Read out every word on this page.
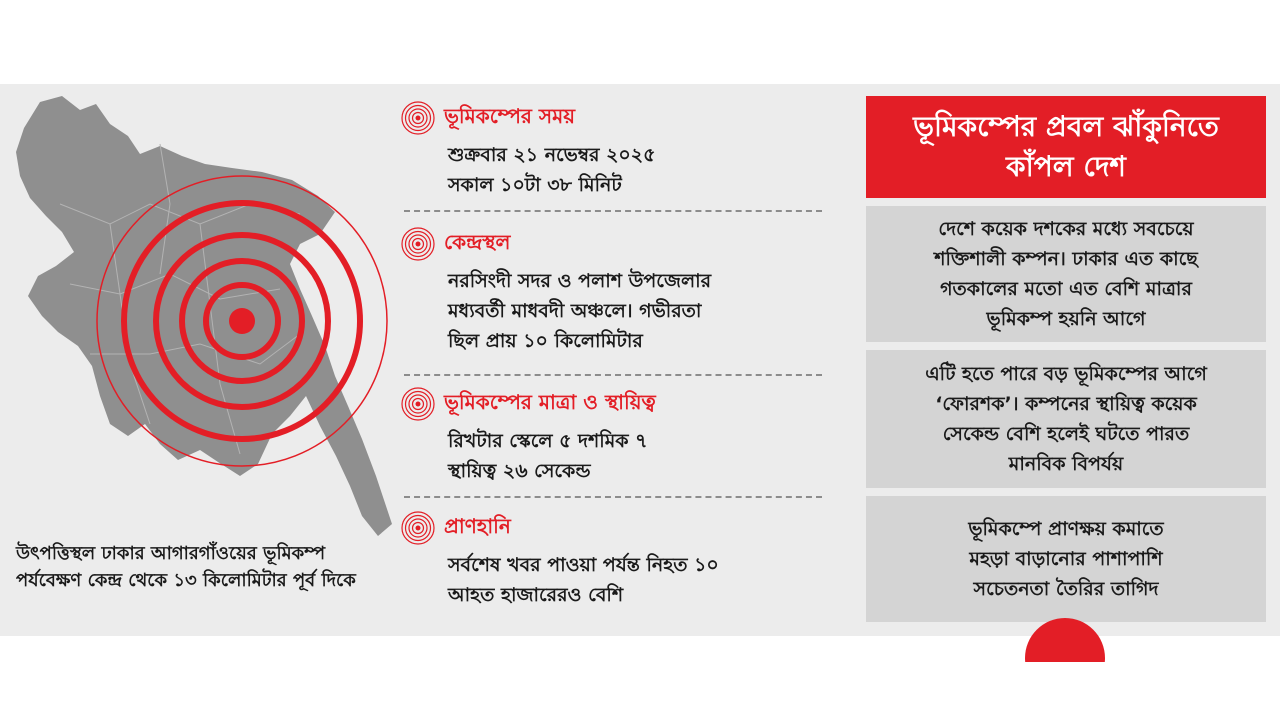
উৎপত্তিস্থল ঢাকার আগারগাঁওয়ের ভূমিকম্প পর্যবেক্ষণ কেন্দ্র থেকে ১৩ কিলোমিটার পূর্ব দিকে
ভূমিকম্পের সময়
শুক্রবার ২১ নভেম্বর ২০২৫
সকাল ১০টা ৩৮ মিনিট
কেন্দ্রস্থল
নরসিংদী সদর ও পলাশ উপজেলার
মধ্যবর্তী মাধবদী অঞ্চলে। গভীরতা
ছিল প্রায় ১০ কিলোমিটার
ভূমিকম্পের মাত্রা ও স্থায়িত্ব
রিখটার স্কেলে ৫ দশমিক ৭
স্থায়িত্ব ২৬ সেকেন্ড
প্রাণহানি
সর্বশেষ খবর পাওয়া পর্যন্ত নিহত ১০
আহত হাজারেরও বেশি
ভূমিকম্পের প্রবল ঝাঁকুনিতে
কাঁপল দেশ
দেশে কয়েক দশকের মধ্যে সবচেয়ে
শক্তিশালী কম্পন। ঢাকার এত কাছে
গতকালের মতো এত বেশি মাত্রার
ভূমিকম্প হয়নি আগে
এটি হতে পারে বড় ভূমিকম্পের আগে
‘ফোরশক’। কম্পনের স্থায়িত্ব কয়েক
সেকেন্ড বেশি হলেই ঘটতে পারত
মানবিক বিপর্যয়
ভূমিকম্পে প্রাণক্ষয় কমাতে
মহড়া বাড়ানোর পাশাপাশি
সচেতনতা তৈরির তাগিদ
